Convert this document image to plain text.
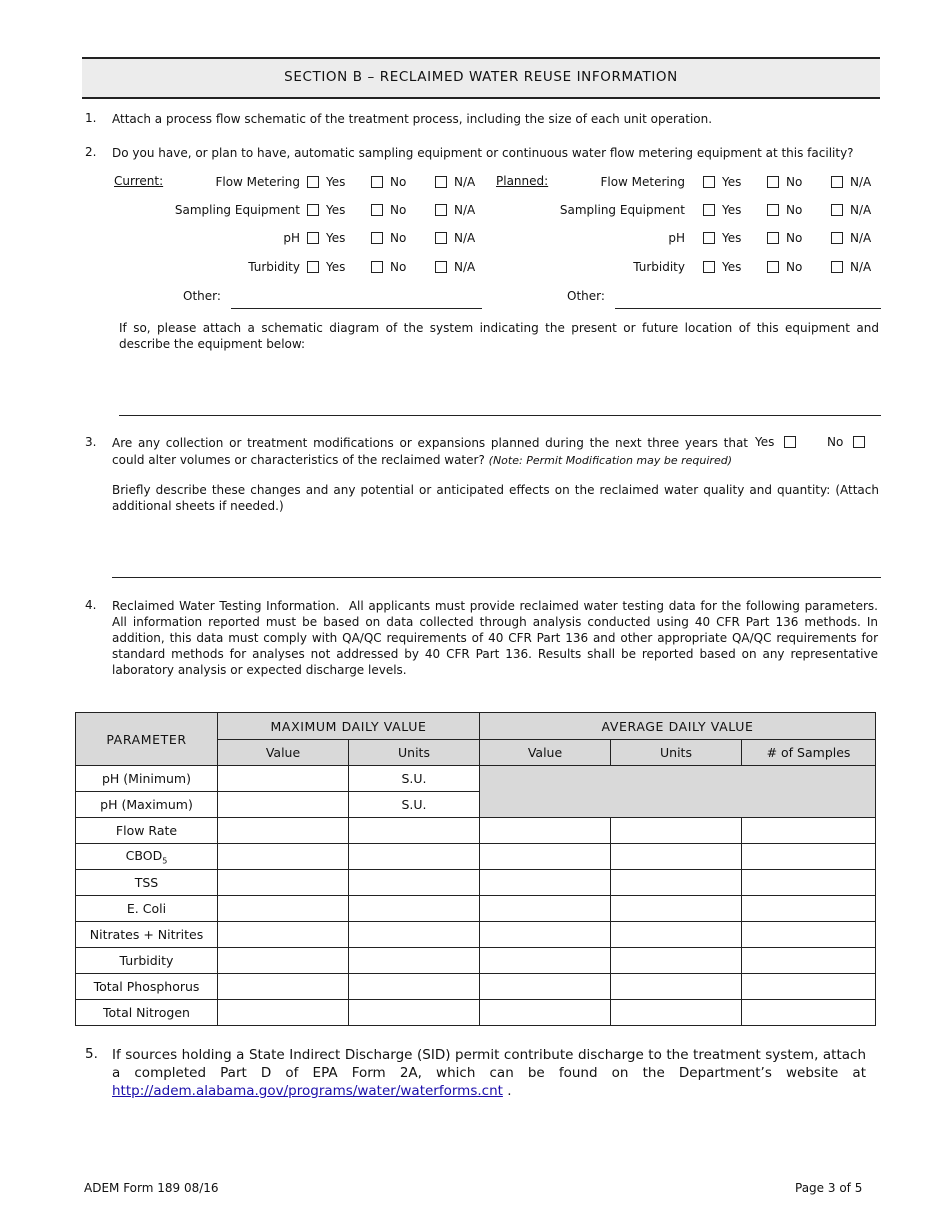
SECTION B – RECLAIMED WATER REUSE INFORMATION
1.	Attach a process flow schematic of the treatment process, including the size of each unit operation.
2.	Do you have, or plan to have, automatic sampling equipment or continuous water flow metering equipment at this facility?
Current:	Planned:
Flow Metering Yes	No	N/A
Sampling Equipment Yes	No	N/A
pH Yes	No	N/A
Turbidity Yes	No	N/A
Flow Metering	Yes	No	N/A
Sampling Equipment	Yes	No	N/A
pH	Yes	No	N/A
Turbidity	Yes	No	N/A
Other:	Other:
If so, please attach a schematic diagram of the system indicating the present or future location of this equipment and describe the equipment below:
3.	Are any collection or treatment modifications or expansions planned during the next three years that Yes	No
could alter volumes or characteristics of the reclaimed water? (Note: Permit Modification may be required)
Briefly describe these changes and any potential or anticipated effects on the reclaimed water quality and quantity: (Attach additional sheets if needed.)
4.	Reclaimed Water Testing Information. All applicants must provide reclaimed water testing data for the following parameters. All information reported must be based on data collected through analysis conducted using 40 CFR Part 136 methods. In addition, this data must comply with QA/QC requirements of 40 CFR Part 136 and other appropriate QA/QC requirements for standard methods for analyses not addressed by 40 CFR Part 136. Results shall be reported based on any representative laboratory analysis or expected discharge levels.
PARAMETER	MAXIMUM DAILY VALUE		AVERAGE DAILY VALUE		
	Value	Units	Value	Units	# of Samples
pH (Minimum)		S.U.			
pH (Maximum)		S.U.			
Flow Rate					
$CBOD_5$					
TSS					
E. Coli					
Nitrates + Nitrites					
Turbidity					
Total Phosphorus					
Total Nitrogen					
5.	If sources holding a State Indirect Discharge (SID) permit contribute discharge to the treatment system, attach a completed Part D of EPA Form 2A, which can be found on the Department’s website at http://adem.alabama.gov/programs/water/waterforms.cnt .
ADEM Form 189 08/16	Page 3 of 5
